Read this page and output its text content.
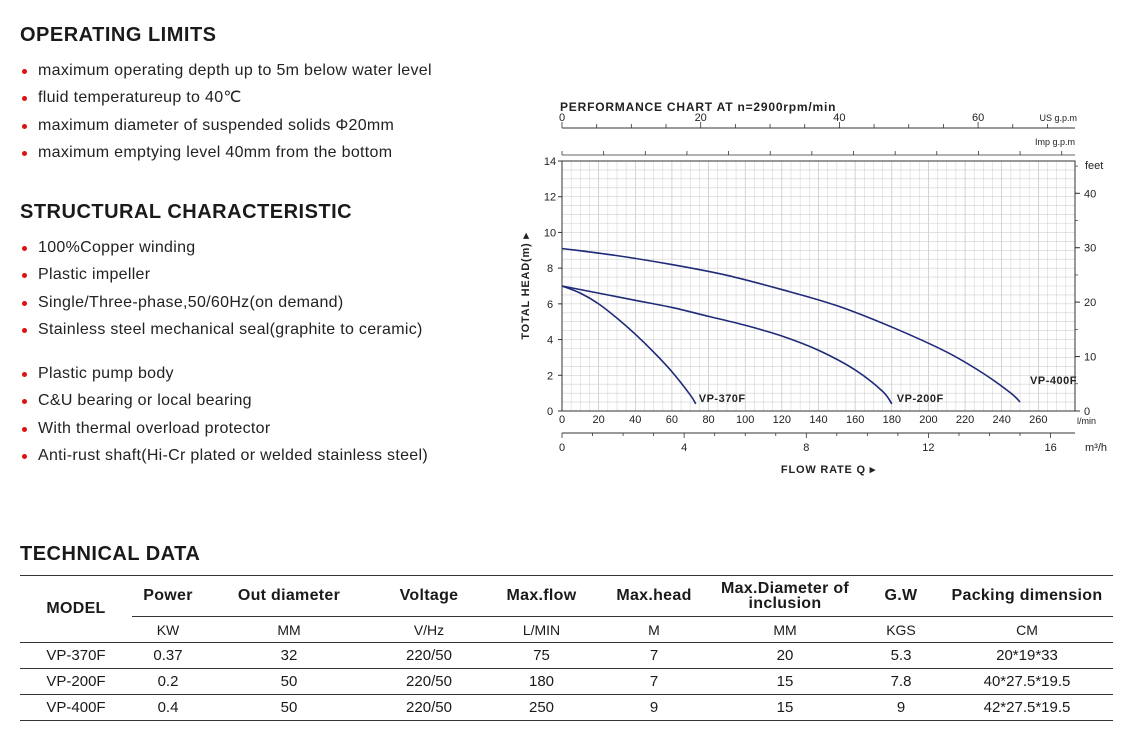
OPERATING LIMITS
maximum operating depth up to 5m below water level
fluid temperatureup to 40℃
maximum diameter of suspended solids Φ20mm
maximum emptying level 40mm from the bottom
STRUCTURAL CHARACTERISTIC
100%Copper winding
Plastic impeller
Single/Three-phase,50/60Hz(on demand)
Stainless steel mechanical seal(graphite to ceramic)
Plastic pump body
C&U bearing or local bearing
With thermal overload protector
Anti-rust shaft(Hi-Cr plated or welded stainless steel)
PERFORMANCE CHART AT n=2900rpm/min
0	20	40	60	US g.p.m
Imp g.p.m
0
2
4
6
8
10
12
14
TOTAL HEAD(m) ▸
0
10
20
30
40
feet
0 20 40 60 80 100 120 140 160 180 200 220 240 260	l/min
0	4	8	12	16	m³/h
FLOW RATE Q ▸
VP-370F	VP-200F
VP-400F
TECHNICAL DATA
MODEL	Power	Out diameter	Voltage	Max.flow	Max.head	Max.Diameter of inclusion	G.W	Packing dimension
	KW	MM	V/Hz	L/MIN	M	MM	KGS	CM
VP-370F	0.37	32	220/50	75	7	20	5.3	20*19*33
VP-200F	0.2	50	220/50	180	7	15	7.8	40*27.5*19.5
VP-400F	0.4	50	220/50	250	9	15	9	42*27.5*19.5
